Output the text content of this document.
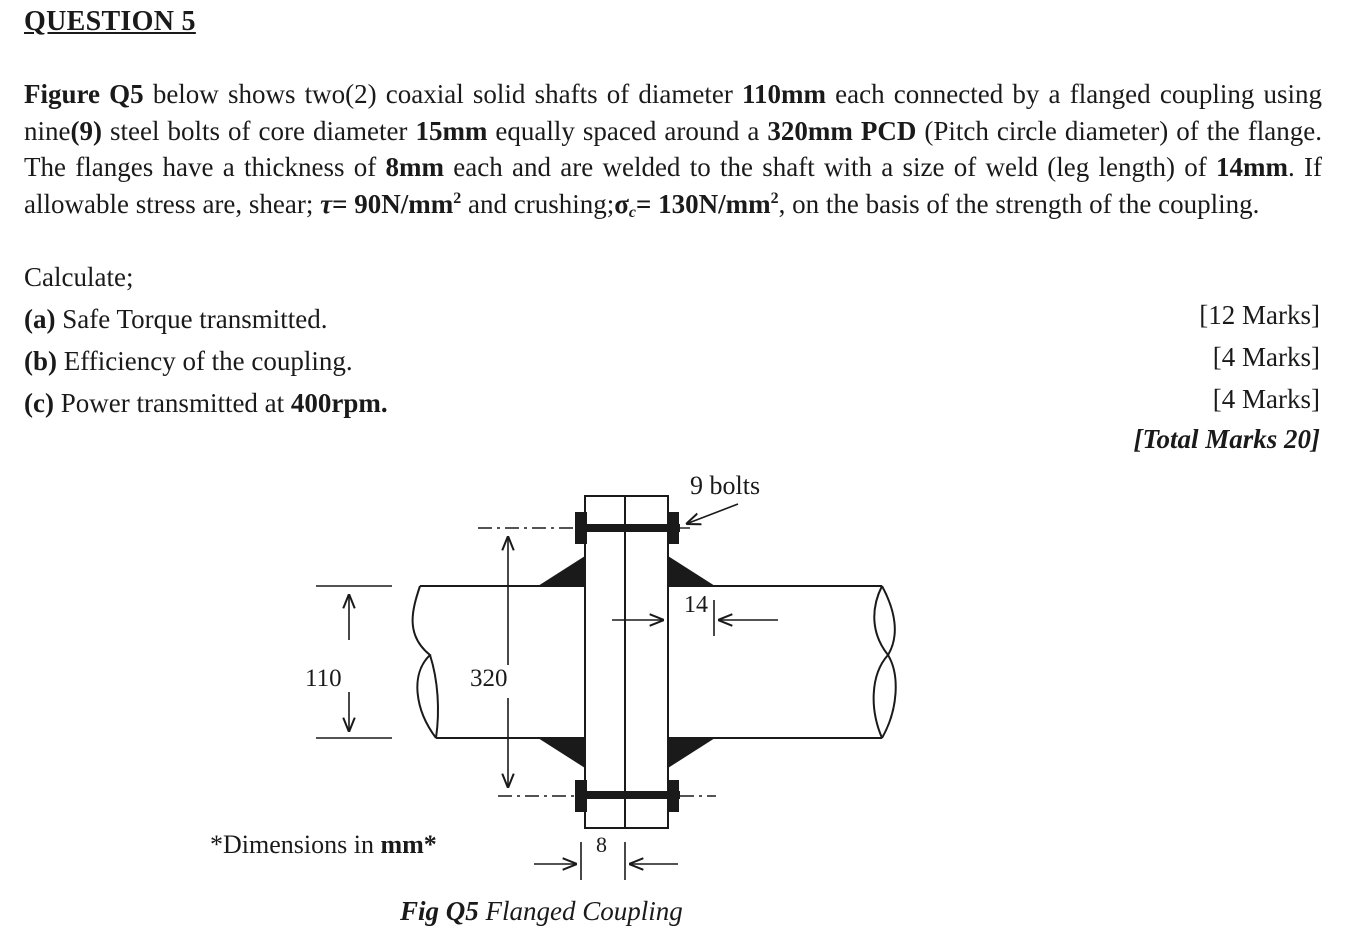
QUESTION 5
Figure Q5 below shows two(2) coaxial solid shafts of diameter 110mm each connected by a flanged coupling using nine(9) steel bolts of core diameter 15mm equally spaced around a 320mm PCD (Pitch circle diameter) of the flange. The flanges have a thickness of 8mm each and are welded to the shaft with a size of weld (leg length) of 14mm. If allowable stress are, shear; $\tau= 90N/mm^2$ and $crushing;\sigma_c= 130N/mm^2$, on the basis of the strength of the coupling.
Calculate;
(a) Safe Torque transmitted.	[12 Marks]
(b) Efficiency of the coupling.	[4 Marks]
(c) Power transmitted at 400rpm.	[4 Marks]
[Total Marks 20]
9 bolts
14
110	320
8
*Dimensions in mm*
Fig Q5 Flanged Coupling
